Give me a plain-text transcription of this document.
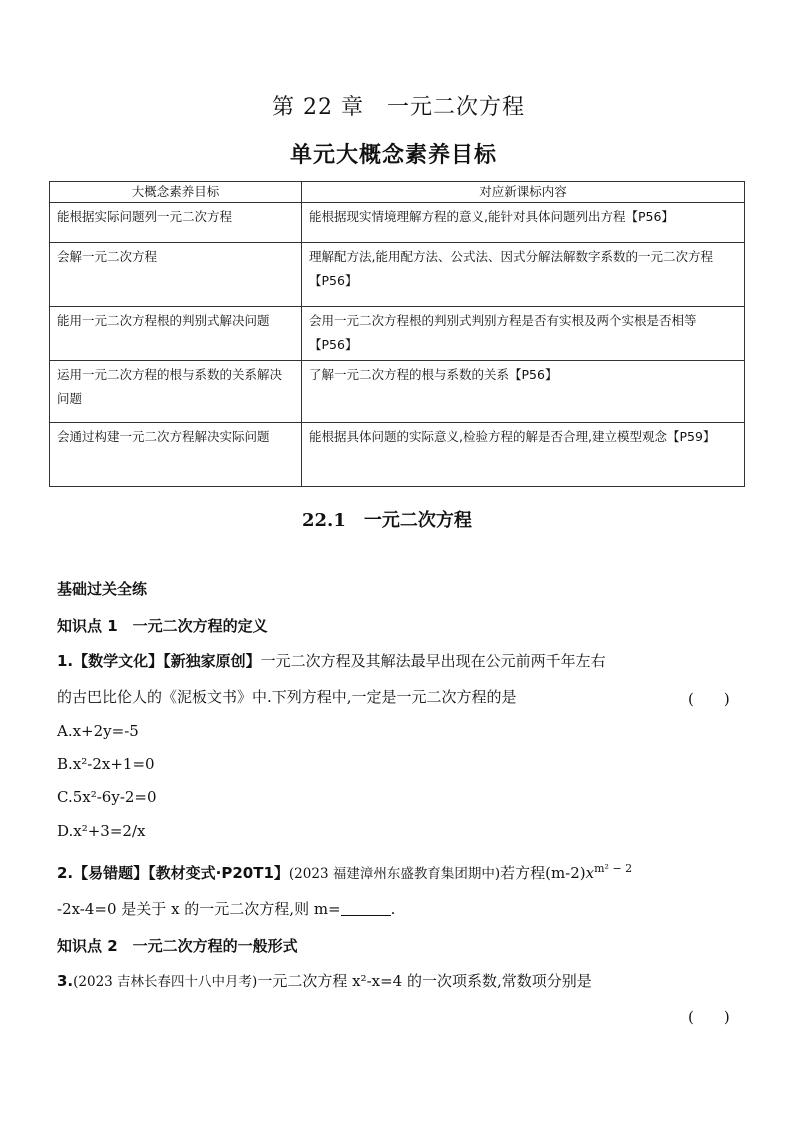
第 22 章　一元二次方程
单元大概念素养目标
大概念素养目标	对应新课标内容
能根据实际问题列一元二次方程	能根据现实情境理解方程的意义,能针对具体问题列出方程【P56】
会解一元二次方程	理解配方法,能用配方法、公式法、因式分解法解数字系数的一元二次方程【P56】
能用一元二次方程根的判别式解决问题	会用一元二次方程根的判别式判别方程是否有实根及两个实根是否相等【P56】
运用一元二次方程的根与系数的关系解决问题	了解一元二次方程的根与系数的关系【P56】
会通过构建一元二次方程解决实际问题	能根据具体问题的实际意义,检验方程的解是否合理,建立模型观念【P59】
22.1　一元二次方程
基础过关全练
知识点 1　一元二次方程的定义
1.【数学文化】【新独家原创】一元二次方程及其解法最早出现在公元前两千年左右
的古巴比伦人的《泥板文书》中.下列方程中,一定是一元二次方程的是	(　　)
A.x+2y=-5
B.x²-2x+1=0
C.5x²-6y-2=0
D.x²+3=2/x
2.【易错题】【教材变式·P20T1】(2023 福建漳州东盛教育集团期中)若方程$(m-2)x^{m^2 - 2}$
-2x-4=0 是关于 x 的一元二次方程,则 m=	.
知识点 2　一元二次方程的一般形式
3.(2023 吉林长春四十八中月考)一元二次方程 x²-x=4 的一次项系数,常数项分别是
(　　)
